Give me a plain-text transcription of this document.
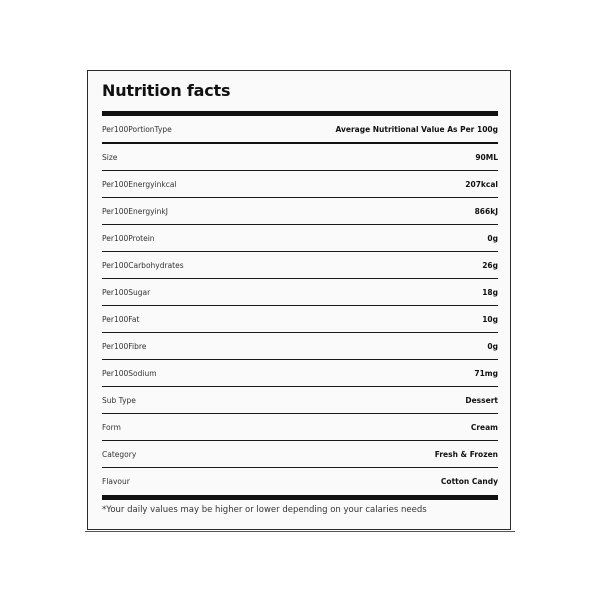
Nutrition facts
Per100PortionType	Average Nutritional Value As Per 100g
Size	90ML
Per100Energyinkcal	207kcal
Per100EnergyinkJ	866kJ
Per100Protein	0g
Per100Carbohydrates	26g
Per100Sugar	18g
Per100Fat	10g
Per100Fibre	0g
Per100Sodium	71mg
Sub Type	Dessert
Form	Cream
Category	Fresh & Frozen
Flavour	Cotton Candy

*Your daily values may be higher or lower depending on your calaries needs
